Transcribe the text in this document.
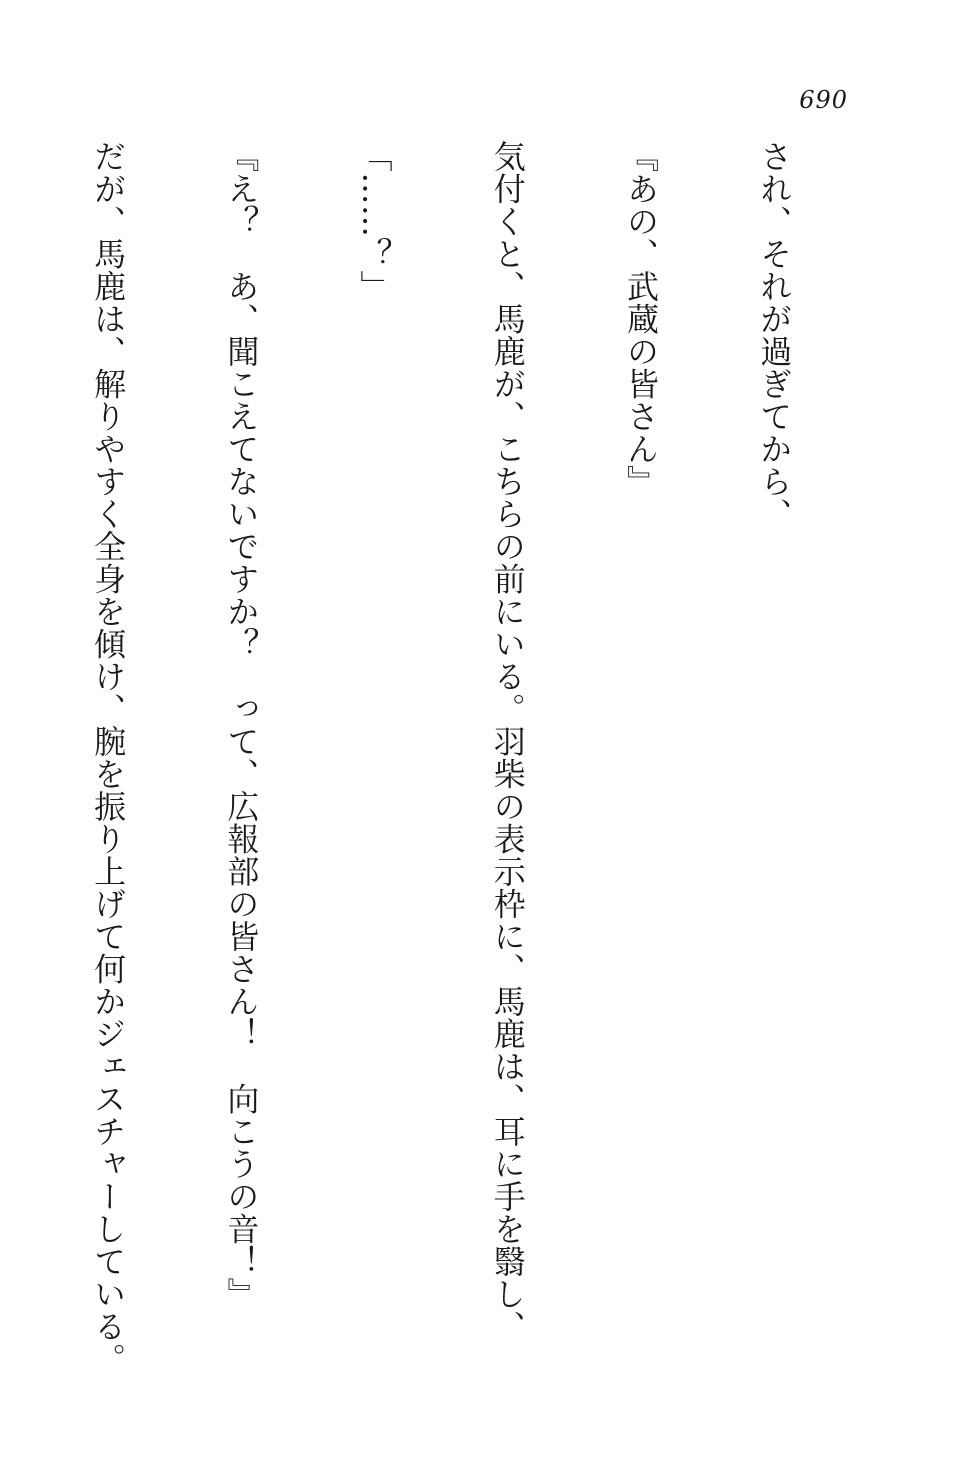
690

され、それが過ぎてから、

『あの、武蔵の皆さん』

気付くと、馬鹿が、こちらの前にいる。羽柴の表示枠に、馬鹿は、耳に手を翳し、

「……？」

『え？　あ、聞こえてないですか？　って、広報部の皆さん！　向こうの音！』

だが、馬鹿は、解りやすく全身を傾け、腕を振り上げて何かジェスチャーしている。
